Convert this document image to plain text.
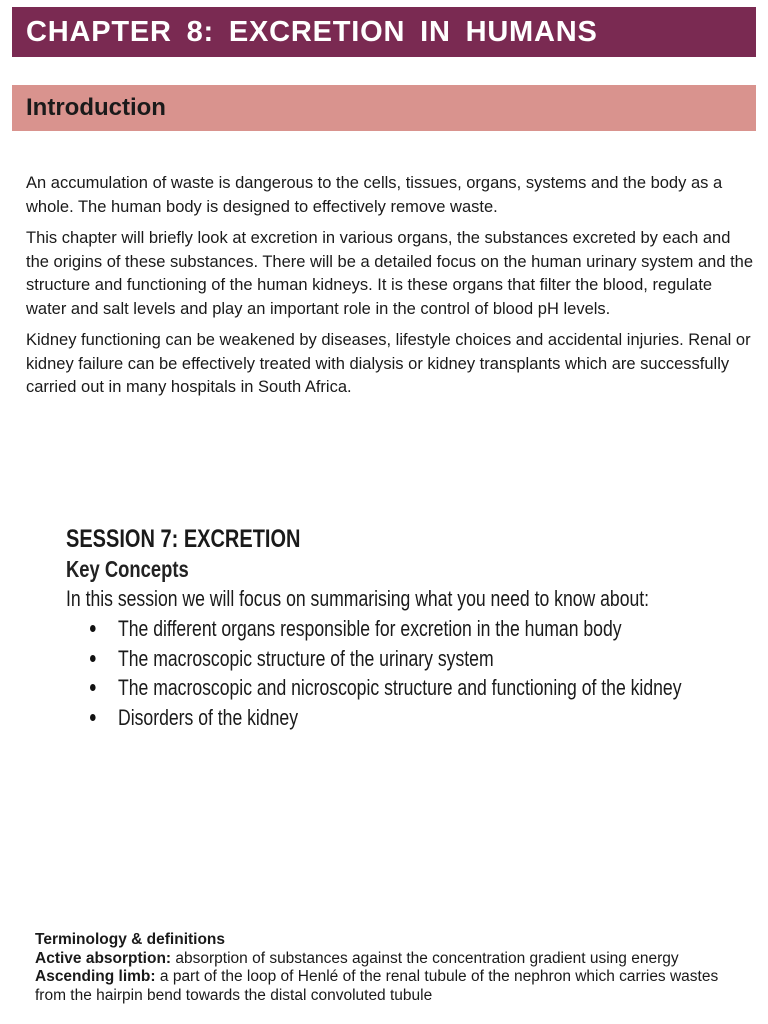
CHAPTER 8: EXCRETION IN HUMANS
Introduction

An accumulation of waste is dangerous to the cells, tissues, organs, systems and the body as a whole. The human body is designed to effectively remove waste.

This chapter will briefly look at excretion in various organs, the substances excreted by each and the origins of these substances. There will be a detailed focus on the human urinary system and the structure and functioning of the human kidneys. It is these organs that filter the blood, regulate water and salt levels and play an important role in the control of blood pH levels.

Kidney functioning can be weakened by diseases, lifestyle choices and accidental injuries. Renal or kidney failure can be effectively treated with dialysis or kidney transplants which are successfully carried out in many hospitals in South Africa.

SESSION 7: EXCRETION

Key Concepts

In this session we will focus on summarising what you need to know about:

The different organs responsible for excretion in the human body
The macroscopic structure of the urinary system
The macroscopic and nicroscopic structure and functioning of the kidney
Disorders of the kidney

Terminology & definitions

Active absorption: absorption of substances against the concentration gradient using energy

Ascending limb: a part of the loop of Henlé of the renal tubule of the nephron which carries wastes from the hairpin bend towards the distal convoluted tubule
